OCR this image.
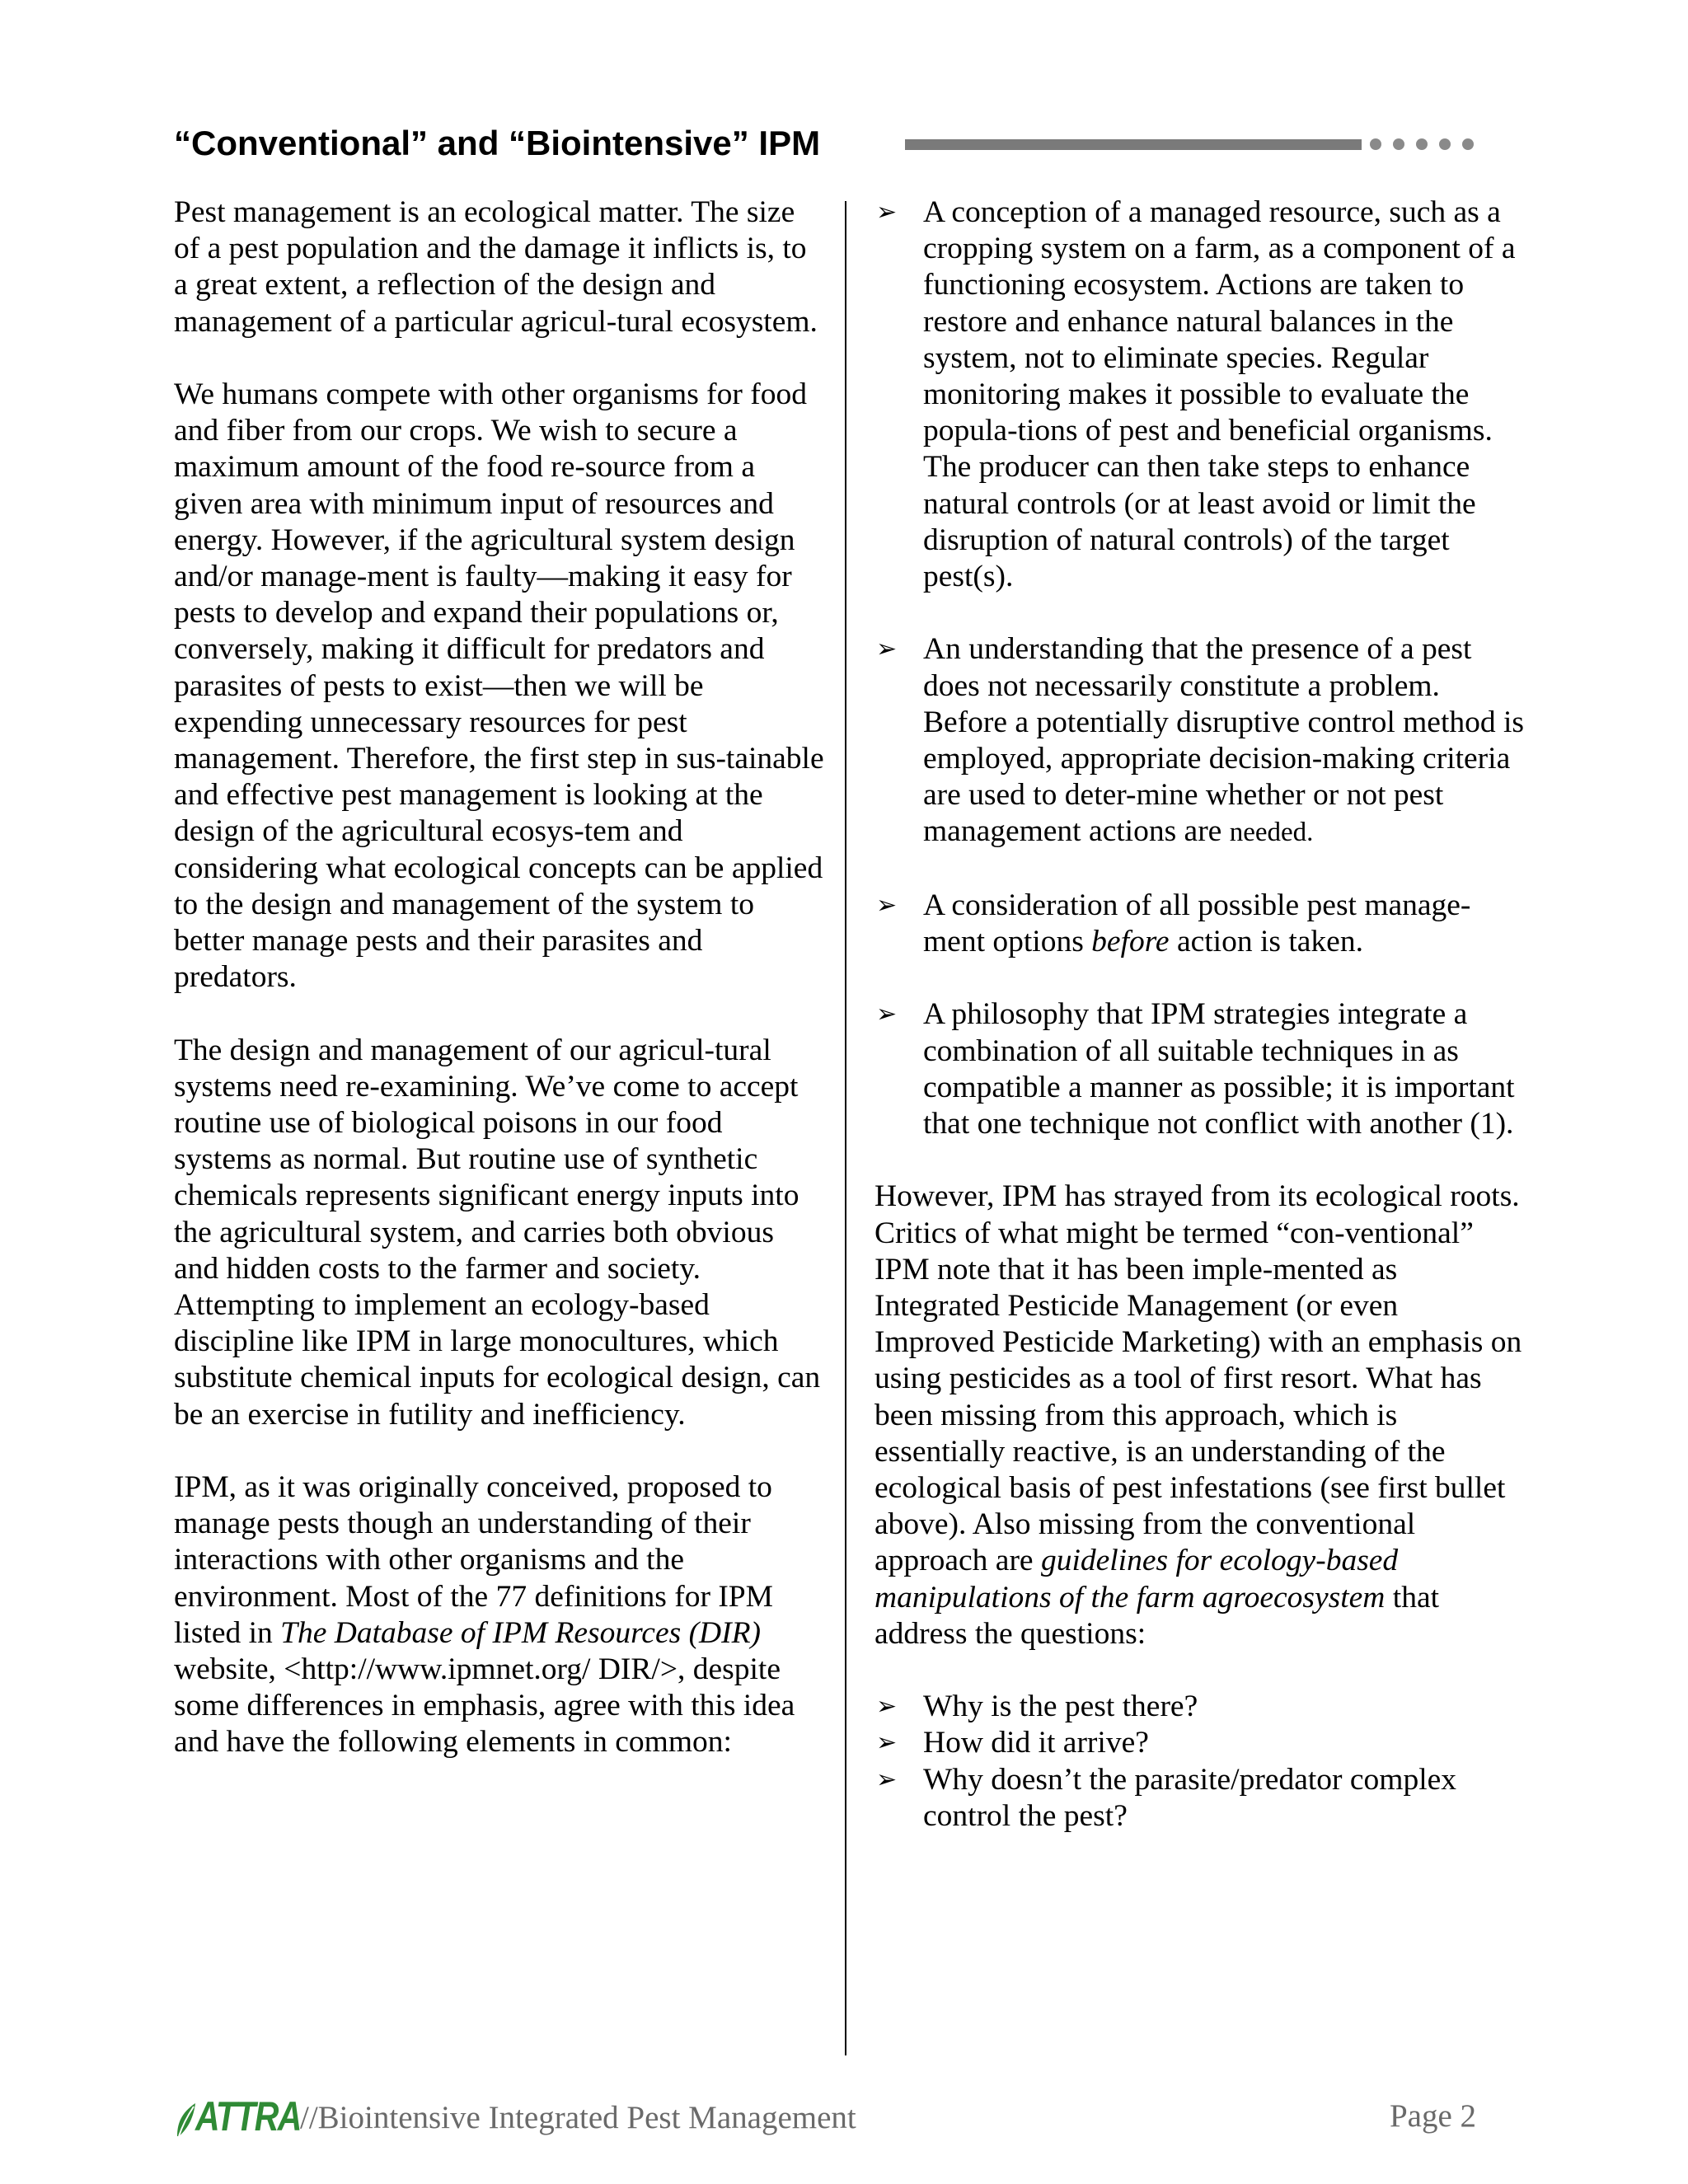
“Conventional” and “Biointensive” IPM

Pest management is an ecological matter. The size of a pest population and the damage it inflicts is, to a great extent, a reflection of the design and management of a particular agricul-tural ecosystem.

We humans compete with other organisms for food and fiber from our crops. We wish to secure a maximum amount of the food re-source from a given area with minimum input of resources and energy. However, if the agricultural system design and/or manage-ment is faulty—making it easy for pests to develop and expand their populations or, conversely, making it difficult for predators and parasites of pests to exist—then we will be expending unnecessary resources for pest management. Therefore, the first step in sus-tainable and effective pest management is looking at the design of the agricultural ecosys-tem and considering what ecological concepts can be applied to the design and management of the system to better manage pests and their parasites and predators.

The design and management of our agricul-tural systems need re-examining. We’ve come to accept routine use of biological poisons in our food systems as normal. But routine use of synthetic chemicals represents significant energy inputs into the agricultural system, and carries both obvious and hidden costs to the farmer and society. Attempting to implement an ecology-based discipline like IPM in large monocultures, which substitute chemical inputs for ecological design, can be an exercise in futility and inefficiency.

IPM, as it was originally conceived, proposed to manage pests though an understanding of their interactions with other organisms and the environment. Most of the 77 definitions for IPM listed in The Database of IPM Resources (DIR) website, <http://www.ipmnet.org/ DIR/>, despite some differences in emphasis, agree with this idea and have the following elements in common:

➢ A conception of a managed resource, such as a cropping system on a farm, as a component of a functioning ecosystem. Actions are taken to restore and enhance natural balances in the system, not to eliminate species. Regular monitoring makes it possible to evaluate the popula-tions of pest and beneficial organisms. The producer can then take steps to enhance natural controls (or at least avoid or limit the disruption of natural controls) of the target pest(s).
➢ An understanding that the presence of a pest does not necessarily constitute a problem. Before a potentially disruptive control method is employed, appropriate decision-making criteria are used to deter-mine whether or not pest management actions are needed.
➢ A consideration of all possible pest manage-ment options before action is taken.
➢ A philosophy that IPM strategies integrate a combination of all suitable techniques in as compatible a manner as possible; it is important that one technique not conflict with another (1).

However, IPM has strayed from its ecological roots. Critics of what might be termed “con-ventional” IPM note that it has been imple-mented as Integrated Pesticide Management (or even Improved Pesticide Marketing) with an emphasis on using pesticides as a tool of first resort. What has been missing from this approach, which is essentially reactive, is an understanding of the ecological basis of pest infestations (see first bullet above). Also missing from the conventional approach are guidelines for ecology-based manipulations of the farm agroecosystem that address the questions:

➢ Why is the pest there?
➢ How did it arrive?
➢ Why doesn’t the parasite/predator complex control the pest?
ATTRA //Biointensive Integrated Pest Management	Page 2
